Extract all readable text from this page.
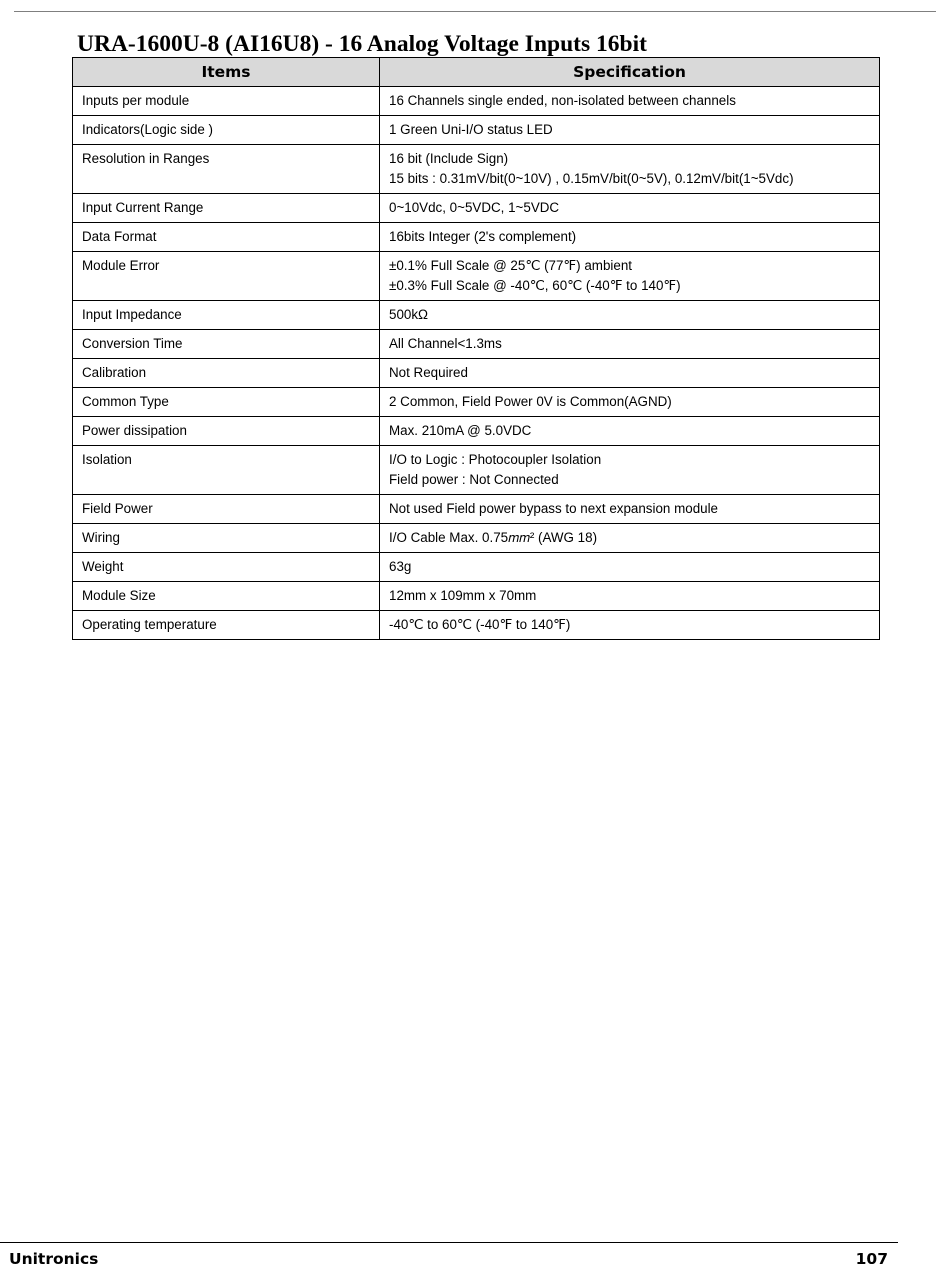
URA-1600U-8 (AI16U8) - 16 Analog Voltage Inputs 16bit
Items	Specification
Inputs per module	16 Channels single ended, non-isolated between channels

Indicators(Logic side )	1 Green Uni-I/O status LED

Resolution in Ranges	16 bit (Include Sign)
15 bits : 0.31mV/bit(0~10V) , 0.15mV/bit(0~5V), 0.12mV/bit(1~5Vdc)

Input Current Range	0~10Vdc, 0~5VDC, 1~5VDC

Data Format	16bits Integer (2's complement)

Module Error	±0.1% Full Scale @ 25℃ (77℉) ambient
±0.3% Full Scale @ -40℃, 60℃ (-40℉ to 140℉)

Input Impedance	500kΩ

Conversion Time	All Channel<1.3ms

Calibration	Not Required

Common Type	2 Common, Field Power 0V is Common(AGND)

Power dissipation	Max. 210mA @ 5.0VDC

Isolation	I/O to Logic : Photocoupler Isolation
Field power : Not Connected

Field Power	Not used Field power bypass to next expansion module

Wiring	I/O Cable Max. 0.75𝑚𝑚² (AWG 18)

Weight	63g

Module Size	12mm x 109mm x 70mm

Operating temperature	-40℃ to 60℃ (-40℉ to 140℉)
Unitronics	107
